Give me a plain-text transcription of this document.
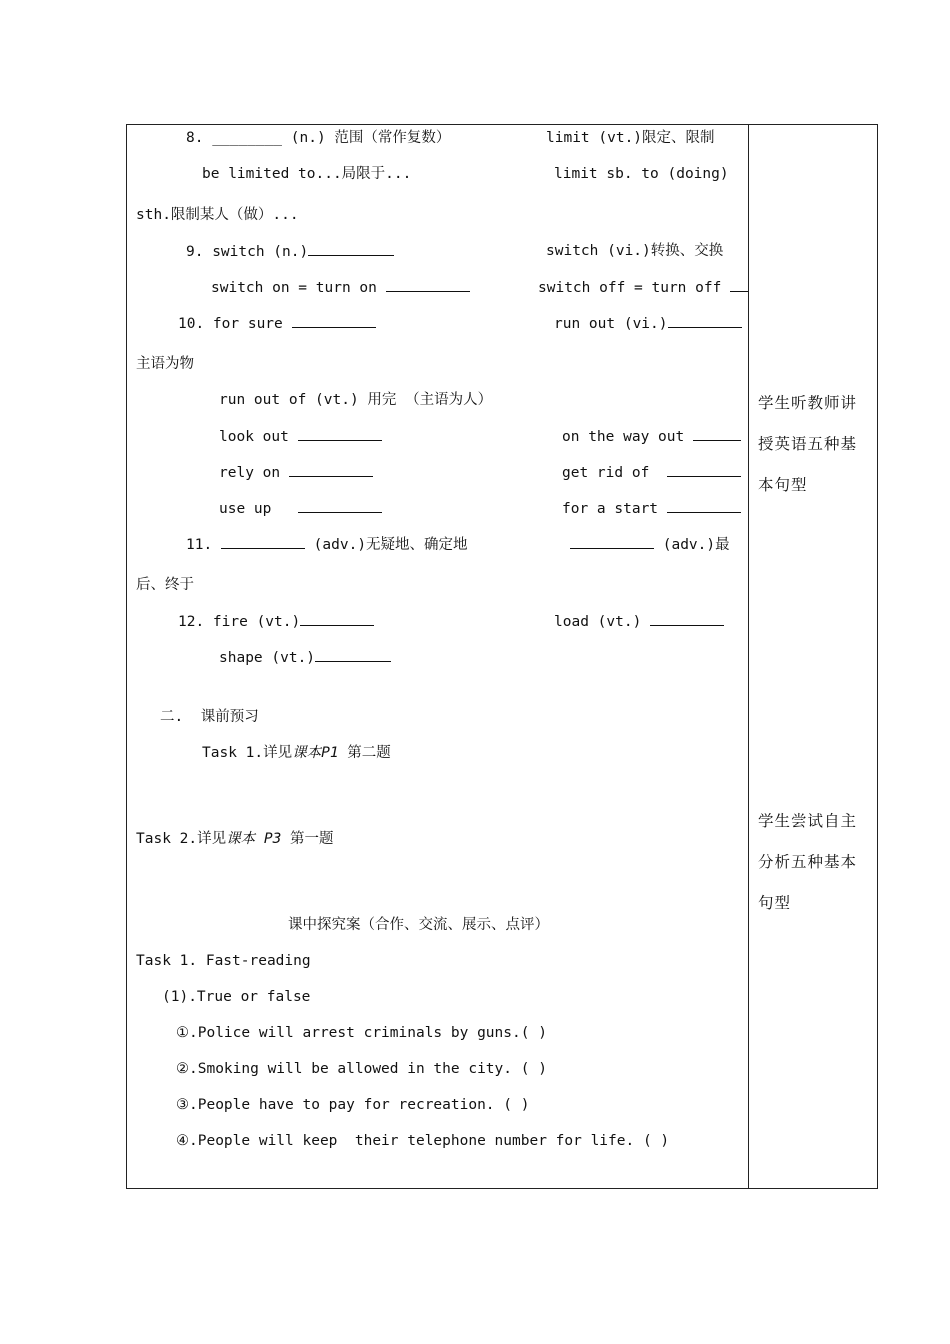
8. ________ (n.) 范围（常作复数）	limit (vt.)限定、限制
be limited to...局限于...	limit sb. to (doing)
sth.限制某人（做）...
9. switch (n.)	switch (vi.)转换、交换
switch on = turn on	switch off = turn off
10. for sure	run out (vi.)
主语为物
run out of (vt.) 用完 （主语为人）
look out	on the way out
rely on	get rid of
use up	for a start
11.	(adv.)无疑地、确定地	(adv.)最
后、终于
12. fire (vt.)	load (vt.)
shape (vt.)
二.  课前预习
Task 1.详见课本P1 第二题
Task 2.详见课本 P3 第一题
课中探究案（合作、交流、展示、点评）
Task 1. Fast-reading
(1).True or false
①.Police will arrest criminals by guns.( )
②.Smoking will be allowed in the city. ( )
③.People have to pay for recreation. ( )
④.People will keep  their telephone number for life. ( )
学生听教师讲授英语五种基本句型
学生尝试自主分析五种基本句型
